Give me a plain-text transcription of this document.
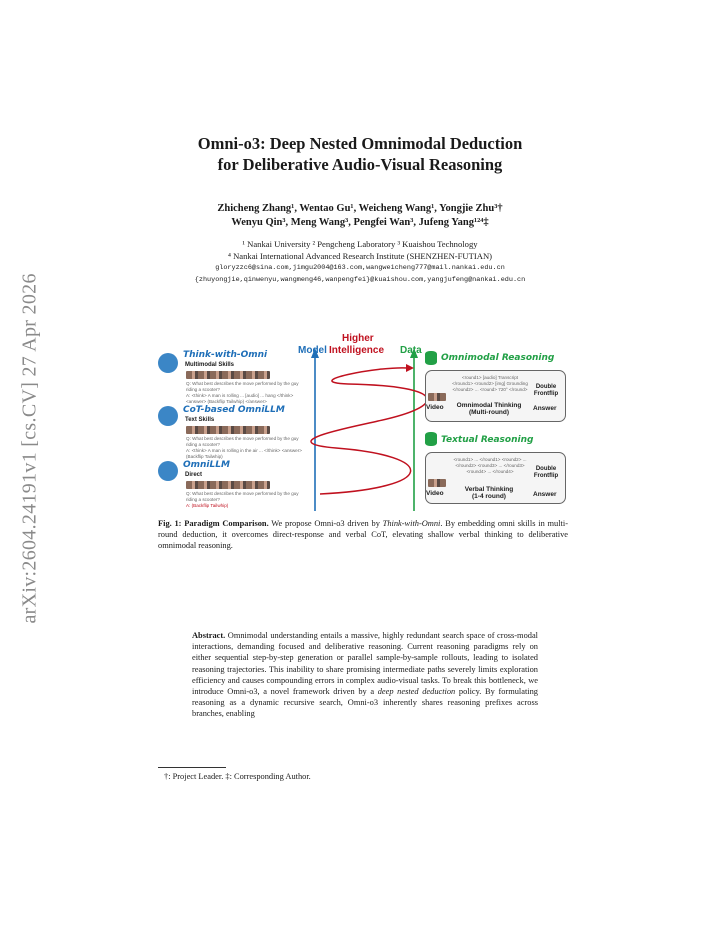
arXiv:2604.24191v1 [cs.CV] 27 Apr 2026
Omni-o3: Deep Nested Omnimodal Deduction
for Deliberative Audio-Visual Reasoning
Zhicheng Zhang¹, Wentao Gu¹, Weicheng Wang¹, Yongjie Zhu³†
Wenyu Qin³, Meng Wang³, Pengfei Wan³, Jufeng Yang¹²⁴‡
¹ Nankai University ² Pengcheng Laboratory ³ Kuaishou Technology
⁴ Nankai International Advanced Research Institute (SHENZHEN-FUTIAN)
gloryzzc6@sina.com,jimgu2004@163.com,wangweicheng777@mail.nankai.edu.cn
{zhuyongjie,qinwenyu,wangmeng46,wanpengfei}@kuaishou.com,yangjufeng@nankai.edu.cn
Think-with-Omni
Multimodal Skills
Q: What best describes the move performed by the guy riding a scooter?
A: <think> A man is rolling ... [audio] ... hang </think> <answer> (Backflip Tailwhip) </answer>
CoT-based OmniLLM
Text Skills
Q: What best describes the move performed by the guy riding a scooter?
A: <think> A man is rolling in the air ... </think> <answer> (Backflip Tailwhip)
OmniLLM
Direct
Q: What best describes the move performed by the guy riding a scooter?
A: (Backflip Tailwhip)
Model
Higher
Intelligence Data
Omnimodal Reasoning
<round1> [audio] Transcript </round1> <round2> [img] Grounding </round2> ... <round> 720° </round>
Video	Omnimodal Thinking
(Multi-round)
Double Frontflip
Answer
Textual Reasoning
<round1> ... </round1> <round2> ... </round2> <round3> ... </round3> <round4> ... </round4>
Video
Verbal Thinking
(1-4 round)
Double Frontflip
Answer
Fig. 1: Paradigm Comparison. We propose Omni-o3 driven by Think-with-Omni. By embedding omni skills in multi-round deduction, it overcomes direct-response and verbal CoT, elevating shallow verbal thinking to deliberative omnimodal reasoning.
Abstract. Omnimodal understanding entails a massive, highly redundant search space of cross-modal interactions, demanding focused and deliberative reasoning. Current reasoning paradigms rely on either sequential step-by-step generation or parallel sample-by-sample rollouts, leading to isolated reasoning trajectories. This inability to share promising intermediate paths severely limits exploration efficiency and causes compounding errors in complex audio-visual tasks. To break this bottleneck, we introduce Omni-o3, a novel framework driven by a deep nested deduction policy. By formulating reasoning as a dynamic recursive search, Omni-o3 inherently shares reasoning prefixes across branches, enabling
†: Project Leader. ‡: Corresponding Author.
